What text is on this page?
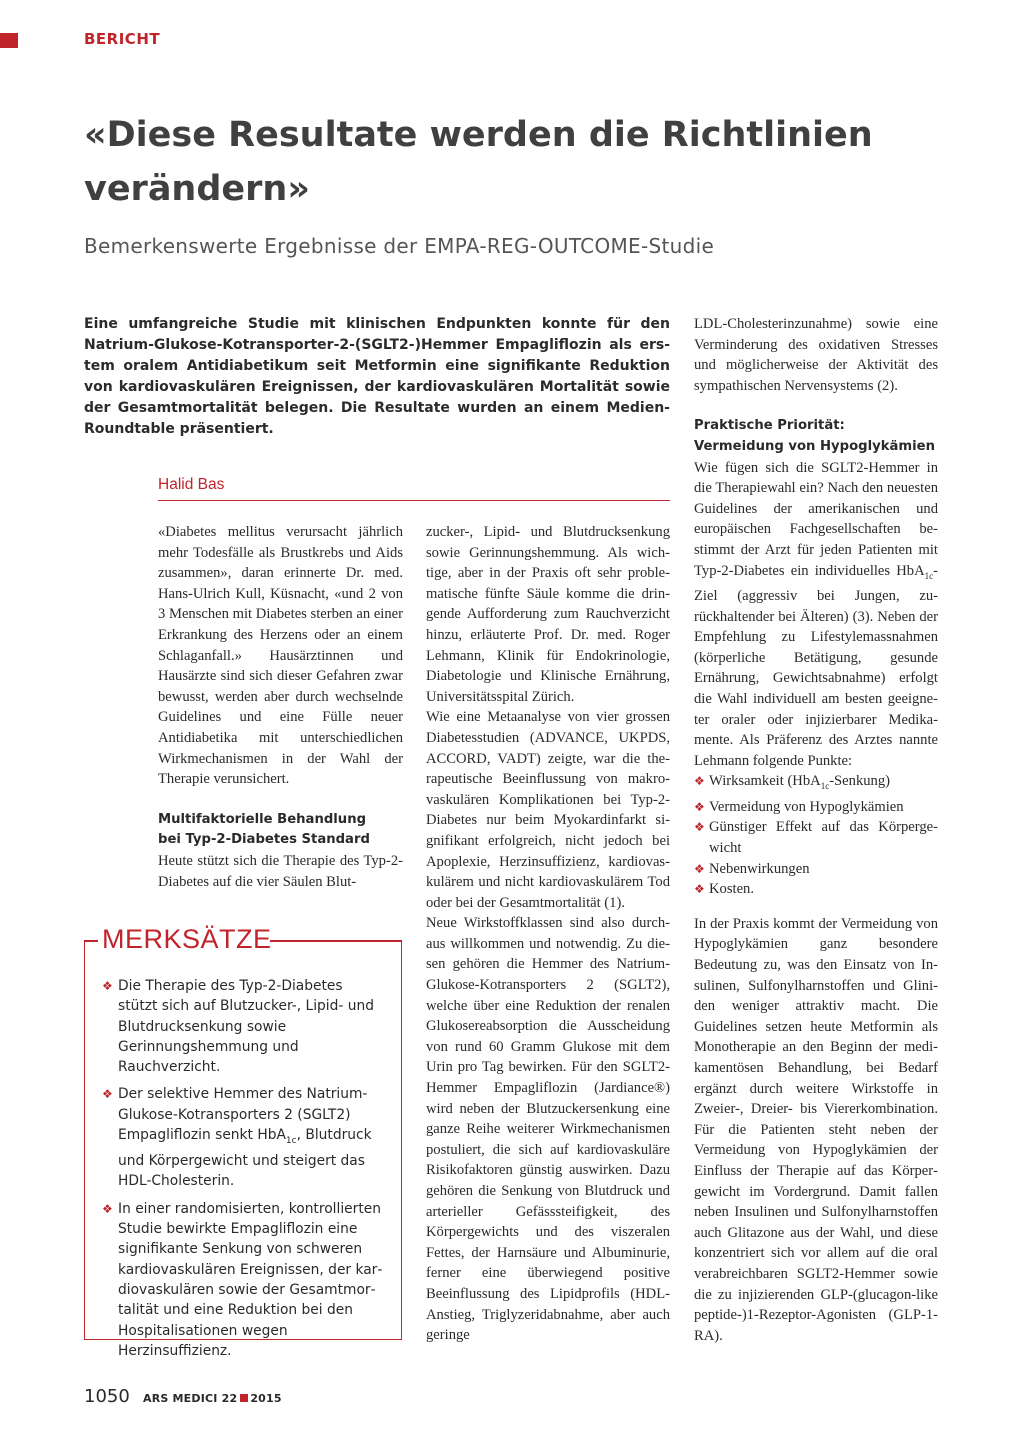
BERICHT
«Diese Resultate werden die Richtlinien
verändern»
Bemerkenswerte Ergebnisse der EMPA-REG-OUTCOME-Studie
Eine umfangreiche Studie mit klinischen Endpunkten konnte für den Natrium-Glukose-Kotransporter-2-(SGLT2-)Hemmer Empagliflozin als erstem oralem Antidiabetikum seit Metformin eine signifikante Reduktion von kardiovaskulären Ereignissen, der kardiovaskulären Mortalität sowie der Gesamtmortalität belegen. Die Resultate wurden an einem Medien-Roundtable präsentiert.
Halid Bas

«Diabetes mellitus verursacht jährlich mehr Todesfälle als Brustkrebs und Aids zusammen», daran erinnerte Dr. med. Hans-Ulrich Kull, Küsnacht, «und 2 von 3 Menschen mit Diabetes sterben an einer Erkrankung des Herzens oder an einem Schlaganfall.» Hausärztinnen und Hausärzte sind sich dieser Gefahren zwar bewusst, werden aber durch wechselnde Guidelines und eine Fülle neuer Antidiabetika mit unterschiedlichen Wirkmechanismen in der Wahl der Therapie verunsichert.

Multifaktorielle Behandlung
bei Typ-2-Diabetes Standard

Heute stützt sich die Therapie des Typ-2-Diabetes auf die vier Säulen Blut-

zucker-, Lipid- und Blutdrucksenkung sowie Gerinnungshemmung. Als wichtige, aber in der Praxis oft sehr problematische fünfte Säule komme die dringende Aufforderung zum Rauchverzicht hinzu, erläuterte Prof. Dr. med. Roger Lehmann, Klinik für Endokrinologie, Diabetologie und Klinische Ernährung, Universitätsspital Zürich.

Wie eine Metaanalyse von vier grossen Diabetesstudien (ADVANCE, UKPDS, ACCORD, VADT) zeigte, war die therapeutische Beeinflussung von makrovaskulären Komplikationen bei Typ-2-Diabetes nur beim Myokardinfarkt signifikant erfolgreich, nicht jedoch bei Apoplexie, Herzinsuffizienz, kardiovaskulärem und nicht kardiovaskulärem Tod oder bei der Gesamtmortalität (1).

Neue Wirkstoffklassen sind also durchaus willkommen und notwendig. Zu diesen gehören die Hemmer des Natrium-Glukose-Kotransporters 2 (SGLT2), welche über eine Reduktion der renalen Glukosereabsorption die Ausscheidung von rund 60 Gramm Glukose mit dem Urin pro Tag bewirken. Für den SGLT2-Hemmer Empagliflozin (Jardiance®) wird neben der Blutzuckersenkung eine ganze Reihe weiterer Wirkmechanismen postuliert, die sich auf kardiovaskuläre Risikofaktoren günstig auswirken. Dazu gehören die Senkung von Blutdruck und arterieller Gefässsteifigkeit, des Körpergewichts und des viszeralen Fettes, der Harnsäure und Albuminurie, ferner eine überwiegend positive Beeinflussung des Lipidprofils (HDL-Anstieg, Triglyzeridabnahme, aber auch geringe

LDL-Cholesterinzunahme) sowie eine Verminderung des oxidativen Stresses und möglicherweise der Aktivität des sympathischen Nervensystems (2).

Praktische Priorität:
Vermeidung von Hypoglykämien

Wie fügen sich die SGLT2-Hemmer in die Therapiewahl ein? Nach den neuesten Guidelines der amerikanischen und europäischen Fachgesellschaften bestimmt der Arzt für jeden Patienten mit Typ-2-Diabetes ein individuelles HbA$_{1c}$-Ziel (aggressiv bei Jungen, zurückhaltender bei Älteren) (3). Neben der Empfehlung zu Lifestylemassnahmen (körperliche Betätigung, gesunde Ernährung, Gewichtsabnahme) erfolgt die Wahl individuell am besten geeigneter oraler oder injizierbarer Medikamente. Als Präferenz des Arztes nannte Lehmann folgende Punkte:

❖ Wirksamkeit (HbA$_{1c}$-Senkung)
❖ Vermeidung von Hypoglykämien
❖ Günstiger Effekt auf das Körpergewicht
❖ Nebenwirkungen
❖ Kosten.

In der Praxis kommt der Vermeidung von Hypoglykämien ganz besondere Bedeutung zu, was den Einsatz von Insulinen, Sulfonylharnstoffen und Gliniden weniger attraktiv macht. Die Guidelines setzen heute Metformin als Monotherapie an den Beginn der medikamentösen Behandlung, bei Bedarf ergänzt durch weitere Wirkstoffe in Zweier-, Dreier- bis Viererkombination. Für die Patienten steht neben der Vermeidung von Hypoglykämien der Einfluss der Therapie auf das Körpergewicht im Vordergrund. Damit fallen neben Insulinen und Sulfonylharnstoffen auch Glitazone aus der Wahl, und diese konzentriert sich vor allem auf die oral verabreichbaren SGLT2-Hemmer sowie die zu injizierenden GLP-(glucagon-like peptide-)1-Rezeptor-Agonisten (GLP-1-RA).

MERKSÄTZE
❖ Die Therapie des Typ-2-Diabetes stützt sich auf Blutzucker-, Lipid- und Blutdrucksenkung sowie Gerinnungshemmung und Rauchverzicht.
❖ Der selektive Hemmer des Natrium-Glukose-Kotransporters 2 (SGLT2) Empagliflozin senkt HbA$_{1c}$, Blutdruck und Körpergewicht und steigert das HDL-Cholesterin.
❖ In einer randomisierten, kontrollierten Studie bewirkte Empagliflozin eine signifikante Senkung von schweren kardiovaskulären Ereignissen, der kardiovaskulären sowie der Gesamtmortalität und eine Reduktion bei den Hospitalisationen wegen Herzinsuffizienz.
1050 ARS MEDICI 22 2015
